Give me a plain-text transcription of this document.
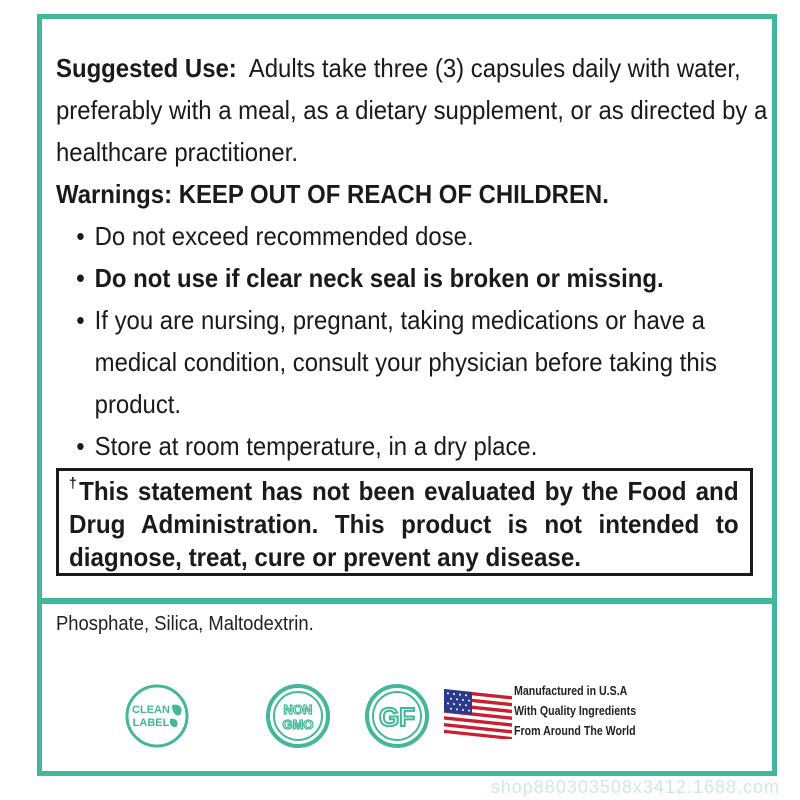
Suggested Use: Adults take three (3) capsules daily with water, preferably with a meal, as a dietary supplement, or as directed by a healthcare practitioner.

Warnings: KEEP OUT OF REACH OF CHILDREN.

• Do not exceed recommended dose.
• Do not use if clear neck seal is broken or missing.
• If you are nursing, pregnant, taking medications or have a medical condition, consult your physician before taking this product.
• Store at room temperature, in a dry place.

†This statement has not been evaluated by the Food and Drug Administration. This product is not intended to diagnose, treat, cure or prevent any disease.

Phosphate, Silica, Maltodextrin.
CLEAN
LABEL
NON
GMO	GF
Manufactured in U.S.A
With Quality Ingredients
From Around The World
shop880303508x3412.1688.com
